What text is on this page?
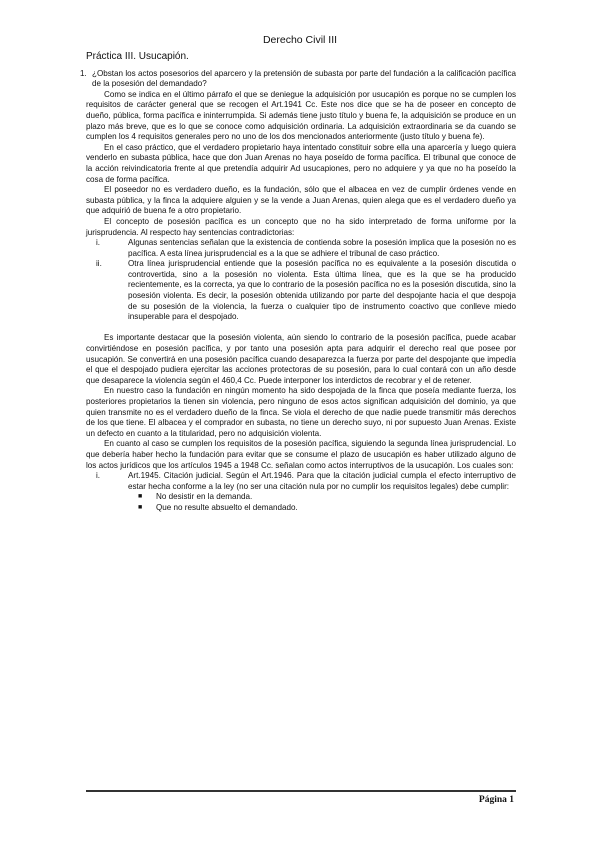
Derecho Civil III
Práctica III. Usucapión.
1. ¿Obstan los actos posesorios del aparcero y la pretensión de subasta por parte del fundación a la calificación pacífica de la posesión del demandado?

Como se indica en el último párrafo el que se deniegue la adquisición por usucapión es porque no se cumplen los requisitos de carácter general que se recogen el Art.1941 Cc. Este nos dice que se ha de poseer en concepto de dueño, pública, forma pacífica e ininterrumpida. Si además tiene justo título y buena fe, la adquisición se produce en un plazo más breve, que es lo que se conoce como adquisición ordinaria. La adquisición extraordinaria se da cuando se cumplen los 4 requisitos generales pero no uno de los dos mencionados anteriormente (justo título y buena fe).

En el caso práctico, que el verdadero propietario haya intentado constituir sobre ella una aparcería y luego quiera venderlo en subasta pública, hace que don Juan Arenas no haya poseído de forma pacífica. El tribunal que conoce de la acción reivindicatoria frente al que pretendía adquirir Ad usucapiones, pero no adquiere y ya que no ha poseído la cosa de forma pacífica.

El poseedor no es verdadero dueño, es la fundación, sólo que el albacea en vez de cumplir órdenes vende en subasta pública, y la finca la adquiere alguien y se la vende a Juan Arenas, quien alega que es el verdadero dueño ya que adquirió de buena fe a otro propietario.

El concepto de posesión pacífica es un concepto que no ha sido interpretado de forma uniforme por la jurisprudencia. Al respecto hay sentencias contradictorias:

i.	Algunas sentencias señalan que la existencia de contienda sobre la posesión implica que la posesión no es pacífica. A esta línea jurisprudencial es a la que se adhiere el tribunal de caso práctico.
ii.	Otra línea jurisprudencial entiende que la posesión pacífica no es equivalente a la posesión discutida o controvertida, sino a la posesión no violenta. Esta última línea, que es la que se ha producido recientemente, es la correcta, ya que lo contrario de la posesión pacífica no es la posesión discutida, sino la posesión violenta. Es decir, la posesión obtenida utilizando por parte del despojante hacia el que despoja de su posesión de la violencia, la fuerza o cualquier tipo de instrumento coactivo que conlleve miedo insuperable para el despojado.

Es importante destacar que la posesión violenta, aún siendo lo contrario de la posesión pacífica, puede acabar convirtiéndose en posesión pacífica, y por tanto una posesión apta para adquirir el derecho real que posee por usucapión. Se convertirá en una posesión pacífica cuando desaparezca la fuerza por parte del despojante que impedía el que el despojado pudiera ejercitar las acciones protectoras de su posesión, para lo cual contará con un año desde que desaparece la violencia según el 460,4 Cc. Puede interponer los interdictos de recobrar y el de retener.

En nuestro caso la fundación en ningún momento ha sido despojada de la finca que poseía mediante fuerza, los posteriores propietarios la tienen sin violencia, pero ninguno de esos actos significan adquisición del dominio, ya que quien transmite no es el verdadero dueño de la finca. Se viola el derecho de que nadie puede transmitir más derechos de los que tiene. El albacea y el comprador en subasta, no tiene un derecho suyo, ni por supuesto Juan Arenas. Existe un defecto en cuanto a la titularidad, pero no adquisición violenta.

En cuanto al caso se cumplen los requisitos de la posesión pacífica, siguiendo la segunda línea jurisprudencial. Lo que debería haber hecho la fundación para evitar que se consume el plazo de usucapión es haber utilizado alguno de los actos jurídicos que los artículos 1945 a 1948 Cc. señalan como actos interruptivos de la usucapión. Los cuales son:

i.	Art.1945. Citación judicial. Según el Art.1946. Para que la citación judicial cumpla el efecto interruptivo de estar hecha conforme a la ley (no ser una citación nula por no cumplir los requisitos legales) debe cumplir:
■	No desistir en la demanda.
■	Que no resulte absuelto el demandado.
Página 1
